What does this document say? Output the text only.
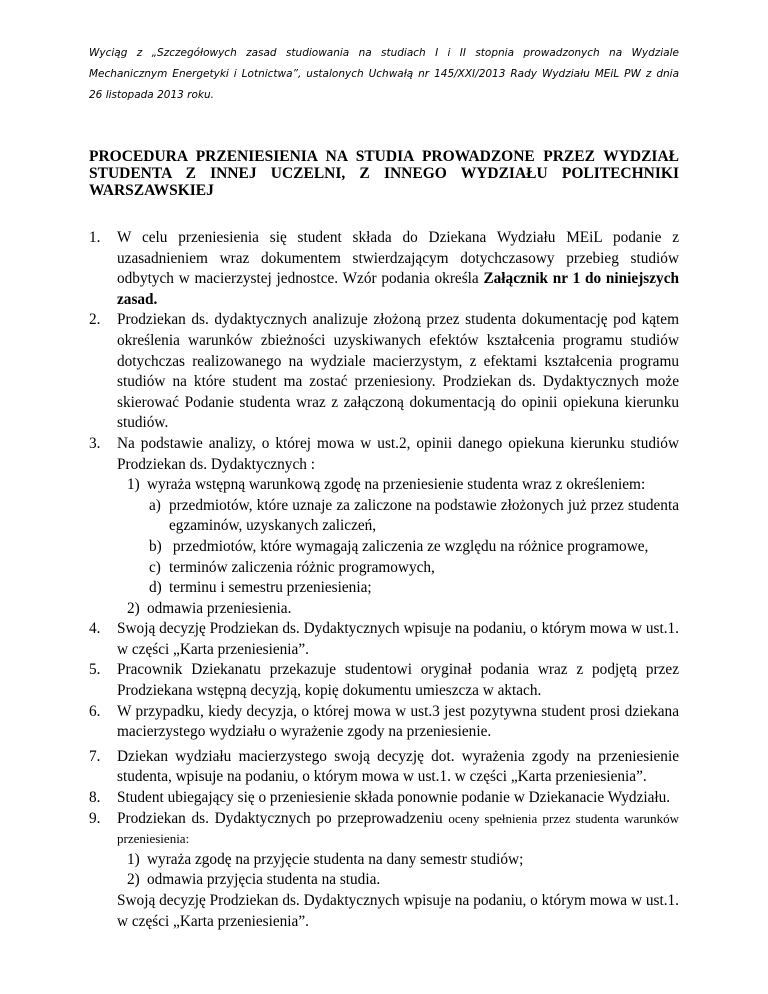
Wyciąg z „Szczegółowych zasad studiowania na studiach I i II stopnia prowadzonych na Wydziale
Mechanicznym Energetyki i Lotnictwa”, ustalonych Uchwałą nr 145/XXI/2013 Rady Wydziału MEiL PW z dnia
26 listopada 2013 roku.
PROCEDURA PRZENIESIENIA NA STUDIA PROWADZONE PRZEZ WYDZIAŁ
STUDENTA Z INNEJ UCZELNI, Z INNEGO WYDZIAŁU POLITECHNIKI
WARSZAWSKIEJ
1. W celu przeniesienia się student składa do Dziekana Wydziału MEiL podanie z uzasadnieniem wraz dokumentem stwierdzającym dotychczasowy przebieg studiów odbytych w macierzystej jednostce. Wzór podania określa Załącznik nr 1 do niniejszych zasad.
2. Prodziekan ds. dydaktycznych analizuje złożoną przez studenta dokumentację pod kątem określenia warunków zbieżności uzyskiwanych efektów kształcenia programu studiów dotychczas realizowanego na wydziale macierzystym, z efektami kształcenia programu studiów na które student ma zostać przeniesiony. Prodziekan ds. Dydaktycznych może skierować Podanie studenta wraz z załączoną dokumentacją do opinii opiekuna kierunku studiów.
3. Na podstawie analizy, o której mowa w ust.2, opinii danego opiekuna kierunku studiów Prodziekan ds. Dydaktycznych :
1) wyraża wstępną warunkową zgodę na przeniesienie studenta wraz z określeniem:
a) przedmiotów, które uznaje za zaliczone na podstawie złożonych już przez studenta egzaminów, uzyskanych zaliczeń,
b) przedmiotów, które wymagają zaliczenia ze względu na różnice programowe,
c) terminów zaliczenia różnic programowych,
d) terminu i semestru przeniesienia;
2) odmawia przeniesienia.
4. Swoją decyzję Prodziekan ds. Dydaktycznych wpisuje na podaniu, o którym mowa w ust.1. w części „Karta przeniesienia”.
5. Pracownik Dziekanatu przekazuje studentowi oryginał podania wraz z podjętą przez Prodziekana wstępną decyzją, kopię dokumentu umieszcza w aktach.
6. W przypadku, kiedy decyzja, o której mowa w ust.3 jest pozytywna student prosi dziekana macierzystego wydziału o wyrażenie zgody na przeniesienie.
7. Dziekan wydziału macierzystego swoją decyzję dot. wyrażenia zgody na przeniesienie studenta, wpisuje na podaniu, o którym mowa w ust.1. w części „Karta przeniesienia”.
8. Student ubiegający się o przeniesienie składa ponownie podanie w Dziekanacie Wydziału.
9. Prodziekan ds. Dydaktycznych po przeprowadzeniu oceny spełnienia przez studenta warunków przeniesienia:
1) wyraża zgodę na przyjęcie studenta na dany semestr studiów;
2) odmawia przyjęcia studenta na studia.
Swoją decyzję Prodziekan ds. Dydaktycznych wpisuje na podaniu, o którym mowa w ust.1. w części „Karta przeniesienia”.
